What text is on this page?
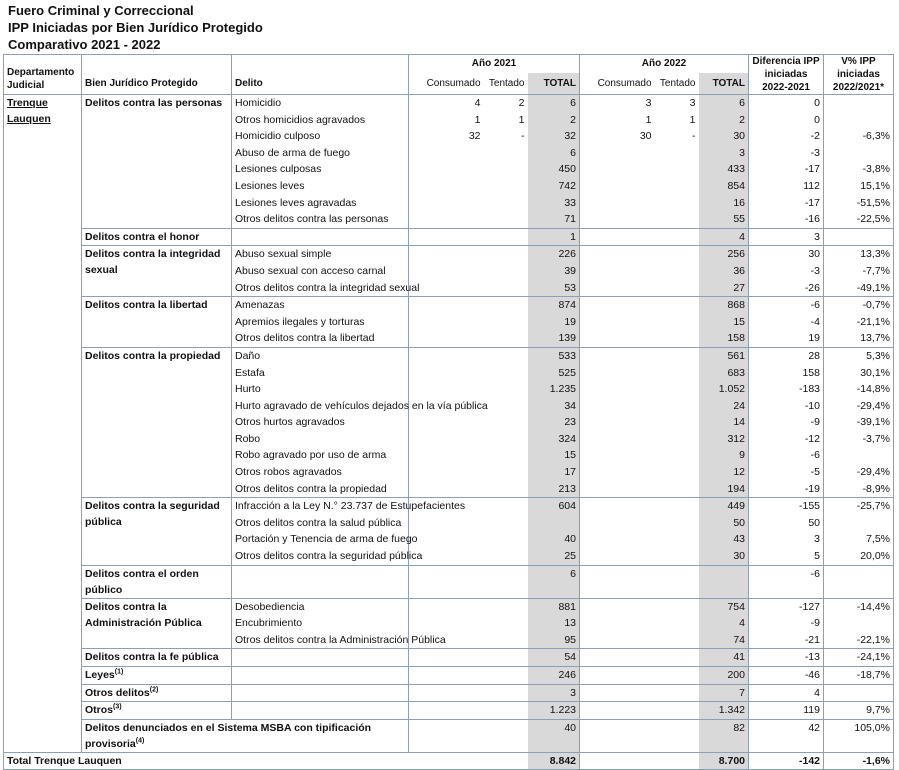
Fuero Criminal y Correccional
IPP Iniciadas por Bien Jurídico Protegido
Comparativo 2021 - 2022
Departamento Judicial	Bien Jurídico Protegido	Delito	Año 2021			Año 2022			Diferencia IPP iniciadas 2022-2021	V% IPP iniciadas 2022/2021*
			Consumado	Tentado	TOTAL	Consumado	Tentado	TOTAL		
Trenque Lauquen	Delitos contra las personas	Homicidio	4	2	6	3	3	6	0	
		Otros homicidios agravados	1	1	2	1	1	2	0	
		Homicidio culposo	32	-	32	30	-	30	-2	-6,3%
		Abuso de arma de fuego			6			3	-3	
		Lesiones culposas			450			433	-17	-3,8%
		Lesiones leves			742			854	112	15,1%
		Lesiones leves agravadas			33			16	-17	-51,5%
		Otros delitos contra las personas			71			55	-16	-22,5%
	Delitos contra el honor				1			4	3	
	Delitos contra la integridad sexual	Abuso sexual simple			226			256	30	13,3%
		Abuso sexual con acceso carnal			39			36	-3	-7,7%
		Otros delitos contra la integridad sexual			53			27	-26	-49,1%
	Delitos contra la libertad	Amenazas			874			868	-6	-0,7%
		Apremios ilegales y torturas			19			15	-4	-21,1%
		Otros delitos contra la libertad			139			158	19	13,7%
	Delitos contra la propiedad	Daño			533			561	28	5,3%
		Estafa			525			683	158	30,1%
		Hurto			1.235			1.052	-183	-14,8%
		Hurto agravado de vehículos dejados en la vía pública			34			24	-10	-29,4%
		Otros hurtos agravados			23			14	-9	-39,1%
		Robo			324			312	-12	-3,7%
		Robo agravado por uso de arma			15			9	-6	
		Otros robos agravados			17			12	-5	-29,4%
		Otros delitos contra la propiedad			213			194	-19	-8,9%
	Delitos contra la seguridad pública	Infracción a la Ley N.° 23.737 de Estupefacientes			604			449	-155	-25,7%
		Otros delitos contra la salud pública						50	50	
		Portación y Tenencia de arma de fuego			40			43	3	7,5%
		Otros delitos contra la seguridad pública			25			30	5	20,0%
	Delitos contra el orden público				6				-6	
	Delitos contra la Administración Pública	Desobediencia			881			754	-127	-14,4%
		Encubrimiento			13			4	-9	
		Otros delitos contra la Administración Pública			95			74	-21	-22,1%
	Delitos contra la fe pública				54			41	-13	-24,1%
	Leyes$^{(1)}$				246			200	-46	-18,7%
	Otros delitos$^{(2)}$				3			7	4	
	Otros$^{(3)}$				1.223			1.342	119	9,7%
	Delitos denunciados en el Sistema MSBA con tipificación provisoria$^{(4)}$				40			82	42	105,0%
Total Trenque Lauquen					8.842			8.700	-142	-1,6%
